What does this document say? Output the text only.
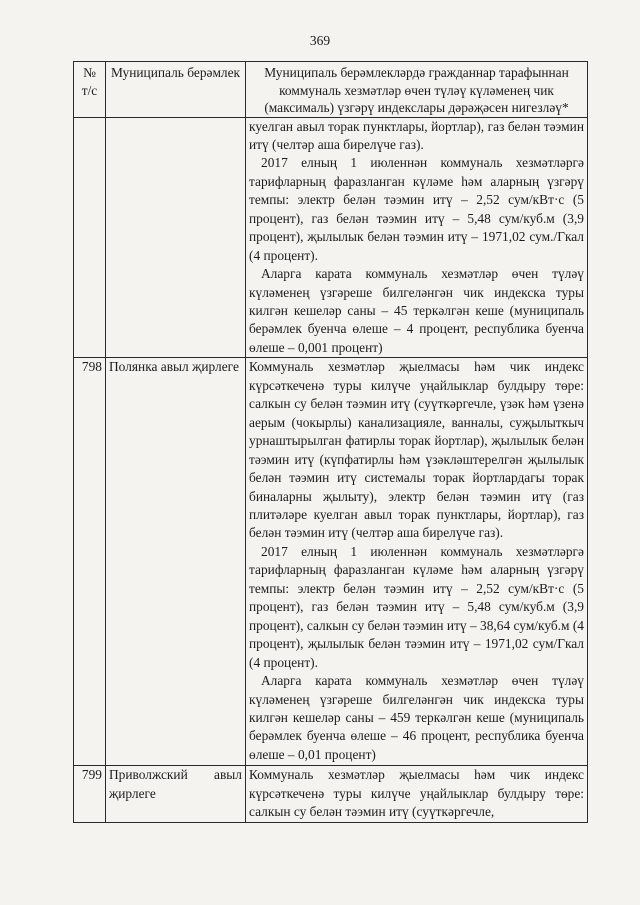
369
№ т/с	Муниципаль берәмлек	Муниципаль берәмлекләрдә гражданнар тарафыннан коммуналь хезмәтләр өчен түләү күләменең чик (максималь) үзгәрү индекслары дәрәҗәсен нигезләү*

		куелган авыл торак пунктлары, йортлар), газ белән тәэмин итү (челтәр аша бирелүче газ).

2017 елның 1 июленнән коммуналь хезмәтләргә тарифларның фаразланган күләме һәм аларның үзгәрү темпы: электр белән тәэмин итү – 2,52 сум/кВт·с (5 процент), газ белән тәэмин итү – 5,48 сум/куб.м (3,9 процент), җылылык белән тәэмин итү – 1971,02 сум./Гкал (4 процент).

Аларга карата коммуналь хезмәтләр өчен түләү күләменең үзгәреше билгеләнгән чик индекска туры килгән кешеләр саны – 45 теркәлгән кеше (муниципаль берәмлек буенча өлеше – 4 процент, республика буенча өлеше – 0,001 процент)

798	Полянка авыл җирлеге	Коммуналь хезмәтләр җыелмасы һәм чик индекс күрсәткеченә туры килүче уңайлыклар булдыру төре: салкын су белән тәэмин итү (суүткәргечле, үзәк һәм үзенә аерым (чокырлы) канализацияле, ванналы, суҗылыткыч урнаштырылган фатирлы торак йортлар), җылылык белән тәэмин итү (күпфатирлы һәм үзәкләштерелгән җылылык белән тәэмин итү системалы торак йортлардагы торак биналарны җылыту), электр белән тәэмин итү (газ плитәләре куелган авыл торак пунктлары, йортлар), газ белән тәэмин итү (челтәр аша бирелүче газ).

2017 елның 1 июленнән коммуналь хезмәтләргә тарифларның фаразланган күләме һәм аларның үзгәрү темпы: электр белән тәэмин итү – 2,52 сум/кВт·с (5 процент), газ белән тәэмин итү – 5,48 сум/куб.м (3,9 процент), салкын су белән тәэмин итү – 38,64 сум/куб.м (4 процент), җылылык белән тәэмин итү – 1971,02 сум/Гкал (4 процент).

Аларга карата коммуналь хезмәтләр өчен түләү күләменең үзгәреше билгеләнгән чик индекска туры килгән кешеләр саны – 459 теркәлгән кеше (муниципаль берәмлек буенча өлеше – 46 процент, республика буенча өлеше – 0,01 процент)

799	Приволжский авыл җирлеге	Коммуналь хезмәтләр җыелмасы һәм чик индекс күрсәткеченә туры килүче уңайлыклар булдыру төре: салкын су белән тәэмин итү (суүткәргечле,
